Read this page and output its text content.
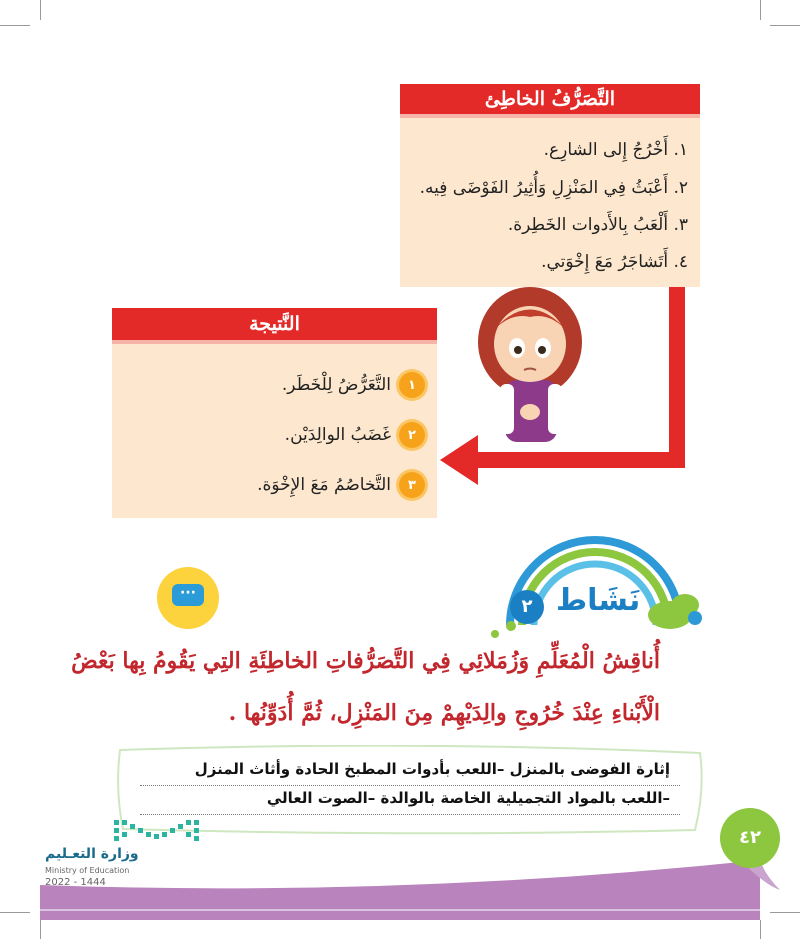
التَّصَرُّفُ الخاطِئ
١. أَخْرُجُ إِلى الشارِع.
٢. أَعْبَثُ فِي المَنْزِلِ وَأُثِيرُ الفَوْضَى فِيه.
٣. أَلْعَبُ بِالأَدوات الخَطِرة.
٤. أَتَشاجَرُ مَعَ إِخْوَتي.
النَّتيجة
١
التَّعَرُّضُ لِلْخَطَر.
٢
غَضَبُ الوالِدَيْن.
٣
التَّخاصُمُ مَعَ الإِخْوَة.
٢ نَشَاط
···
أُناقِشُ الْمُعَلِّمِ وَزُمَلائِي فِي التَّصَرُّفاتِ الخاطِئَةِ التِي يَقُومُ بِها بَعْضُ
الْأَبْناءِ عِنْدَ خُرُوجِ والِدَيْهِمْ مِنَ المَنْزِل، ثُمَّ أُدَوِّنُها .
إثارة الفوضى بالمنزل –اللعب بأدوات المطبخ الحادة وأثاث المنزل
–اللعب بالمواد التجميلية الخاصة بالوالدة –الصوت العالي
٤٢
وزارة التعـليم
Ministry of Education
2022 - 1444
